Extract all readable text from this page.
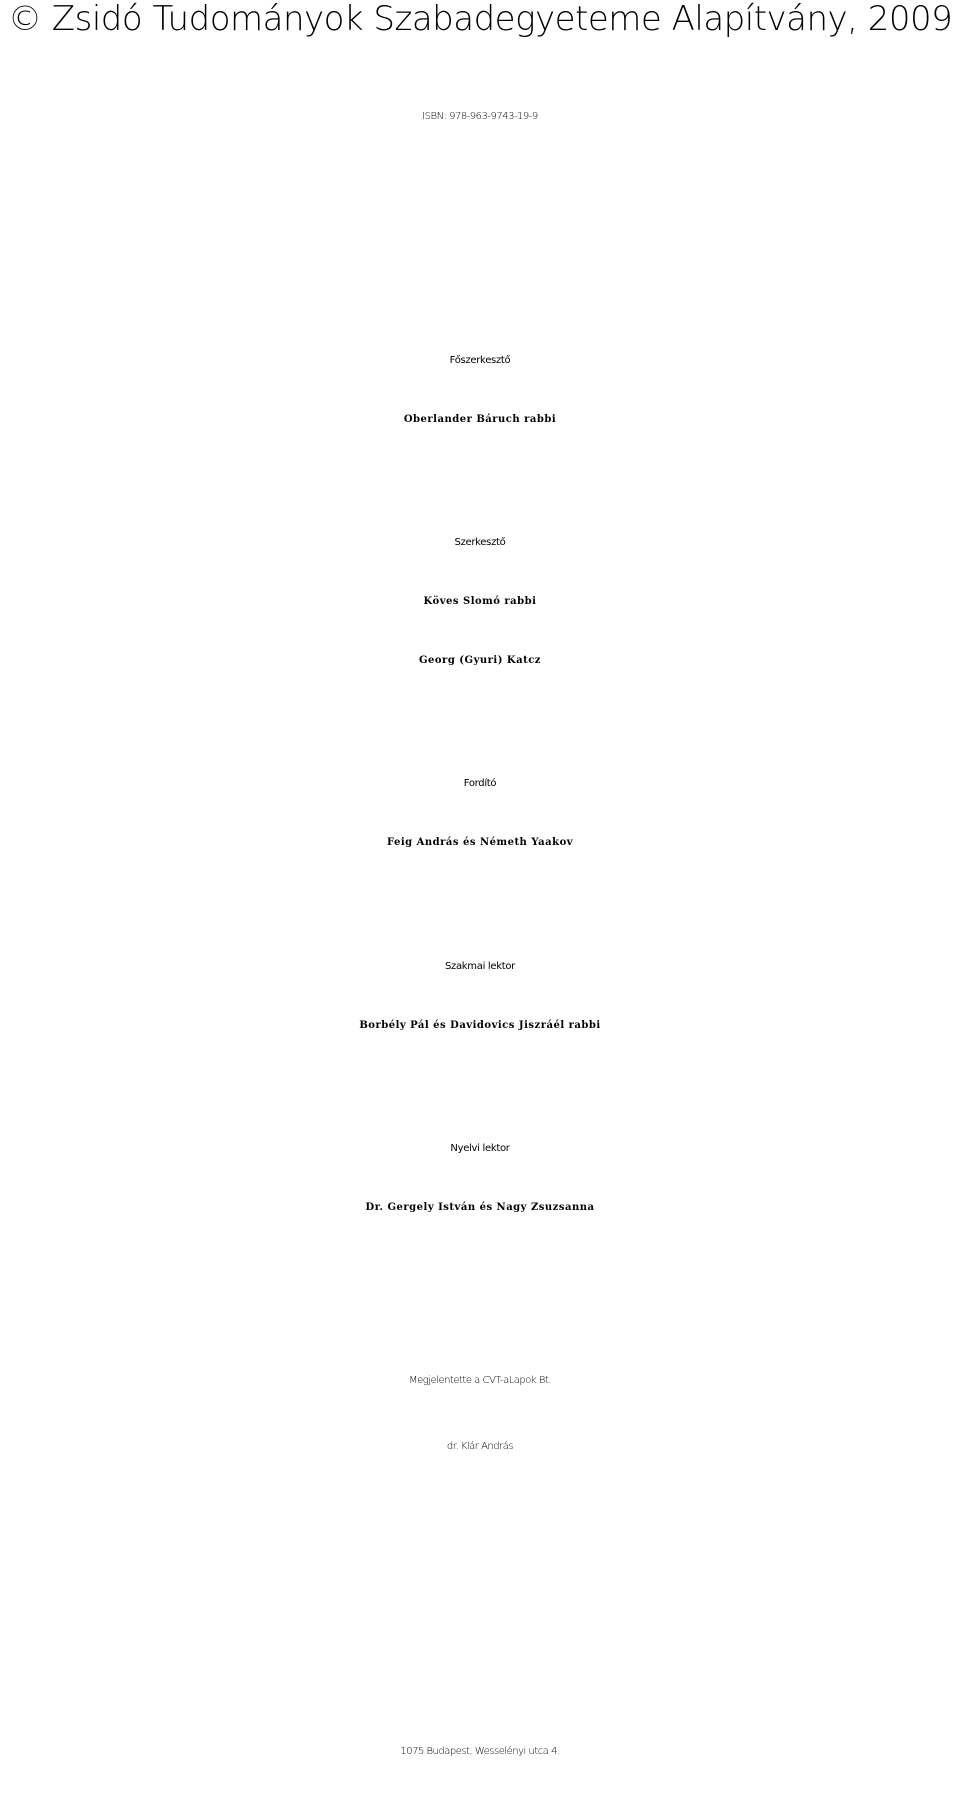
© Zsidó Tudományok Szabadegyeteme Alapítvány, 2009
ISBN: 978-963-9743-19-9
Főszerkesztő
Oberlander Báruch rabbi
Szerkesztő
Köves Slomó rabbi
Georg (Gyuri) Katcz
Fordító
Feig András és Németh Yaakov
Szakmai lektor
Borbély Pál és Davidovics Jiszráél rabbi
Nyelvi lektor
Dr. Gergely István és Nagy Zsuzsanna
Megjelentette a CVT-aLapok Bt.
dr. Klár András
1075 Budapest, Wesselényi utca 4.
